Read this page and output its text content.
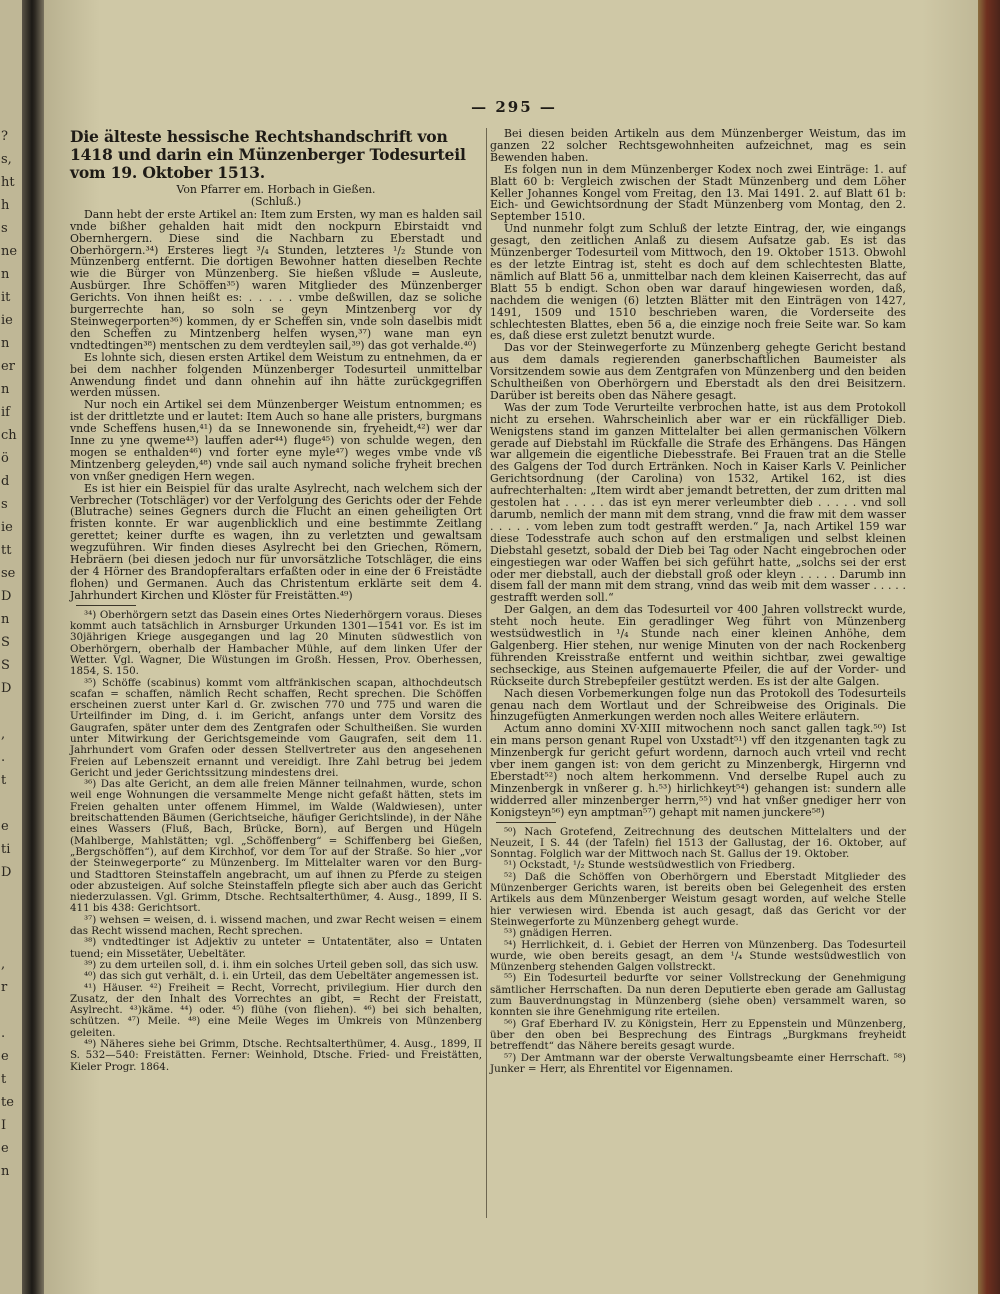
?
s,
ht
h
s
ne
n
it
ie
n
er
n
if
ch
ö
d
s
ie
tt
se
D
n
S
S
D
,
.
t
e
ti
D
,
r
.
e
t
te
I
e
n
— 295 —
Die älteste hessische Rechtshandschrift von 1418 und darin ein Münzenberger Todesurteil vom 19. Oktober 1513.
Von Pfarrer em. Horbach in Gießen.
(Schluß.)

Dann hebt der erste Artikel an: Item zum Ersten, wy man es halden sail vnde bißher gehalden hait midt den nockpurn Ebirstaidt vnd Obernhergern. Diese sind die Nachbarn zu Eberstadt und Oberhörgern.³⁴) Ersteres liegt ³/₄ Stunden, letzteres ¹/₂ Stunde von Münzenberg entfernt. Die dortigen Bewohner hatten dieselben Rechte wie die Bürger von Münzenberg. Sie hießen vßlude = Ausleute, Ausbürger. Ihre Schöffen³⁵) waren Mitglieder des Münzenberger Gerichts. Von ihnen heißt es: . . . . . vmbe deßwillen, daz se soliche burgerrechte han, so soln se geyn Mintzenberg vor dy Steinwegerporten³⁶) kommen, dy er Scheffen sin, vnde soln daselbis midt den Scheffen zu Mintzenberg helfen wysen,³⁷) wane man eyn vndtedtingen³⁸) mentschen zu dem verdteylen sail,³⁹) das got verhalde.⁴⁰)

Es lohnte sich, diesen ersten Artikel dem Weistum zu entnehmen, da er bei dem nachher folgenden Münzenberger Todesurteil unmittelbar Anwendung findet und dann ohnehin auf ihn hätte zurückgegriffen werden müssen.

Nur noch ein Artikel sei dem Münzenberger Weistum entnommen; es ist der drittletzte und er lautet: Item Auch so hane alle pristers, burgmans vnde Scheffens husen,⁴¹) da se Innewonende sin, fryeheidt,⁴²) wer dar Inne zu yne qweme⁴³) lauffen ader⁴⁴) fluge⁴⁵) von schulde wegen, den mogen se enthalden⁴⁶) vnd forter eyne myle⁴⁷) weges vmbe vnde vß Mintzenberg geleyden,⁴⁸) vnde sail auch nymand soliche fryheit brechen von vnßer gnedigen Hern wegen.

Es ist hier ein Beispiel für das uralte Asylrecht, nach welchem sich der Verbrecher (Totschläger) vor der Verfolgung des Gerichts oder der Fehde (Blutrache) seines Gegners durch die Flucht an einen geheiligten Ort fristen konnte. Er war augenblicklich und eine bestimmte Zeitlang gerettet; keiner durfte es wagen, ihn zu verletzten und gewaltsam wegzuführen. Wir finden dieses Asylrecht bei den Griechen, Römern, Hebräern (bei diesen jedoch nur für unvorsätzliche Totschläger, die eins der 4 Hörner des Brandopferaltars erfaßten oder in eine der 6 Freistädte flohen) und Germanen. Auch das Christentum erklärte seit dem 4. Jahrhundert Kirchen und Klöster für Freistätten.⁴⁹)

³⁴) Oberhörgern setzt das Dasein eines Ortes Niederhörgern voraus. Dieses kommt auch tatsächlich in Arnsburger Urkunden 1301—1541 vor. Es ist im 30jährigen Kriege ausgegangen und lag 20 Minuten südwestlich von Oberhörgern, oberhalb der Hambacher Mühle, auf dem linken Ufer der Wetter. Vgl. Wagner, Die Wüstungen im Großh. Hessen, Prov. Oberhessen, 1854, S. 150.
³⁵) Schöffe (scabinus) kommt vom altfränkischen scapan, althochdeutsch scafan = schaffen, nämlich Recht schaffen, Recht sprechen. Die Schöffen erscheinen zuerst unter Karl d. Gr. zwischen 770 und 775 und waren die Urteilfinder im Ding, d. i. im Gericht, anfangs unter dem Vorsitz des Gaugrafen, später unter dem des Zentgrafen oder Schultheißen. Sie wurden unter Mitwirkung der Gerichtsgemeinde vom Gaugrafen, seit dem 11. Jahrhundert vom Grafen oder dessen Stellvertreter aus den angesehenen Freien auf Lebenszeit ernannt und vereidigt. Ihre Zahl betrug bei jedem Gericht und jeder Gerichtssitzung mindestens drei.
³⁶) Das alte Gericht, an dem alle freien Männer teilnahmen, wurde, schon weil enge Wohnungen die versammelte Menge nicht gefaßt hätten, stets im Freien gehalten unter offenem Himmel, im Walde (Waldwiesen), unter breitschattenden Bäumen (Gerichtseiche, häufiger Gerichtslinde), in der Nähe eines Wassers (Fluß, Bach, Brücke, Born), auf Bergen und Hügeln (Mahlberge, Mahlstätten; vgl. „Schöffenberg“ = Schiffenberg bei Gießen, „Bergschöffen“), auf dem Kirchhof, vor dem Tor auf der Straße. So hier „vor der Steinwegerporte“ zu Münzenberg. Im Mittelalter waren vor den Burg- und Stadttoren Steinstaffeln angebracht, um auf ihnen zu Pferde zu steigen oder abzusteigen. Auf solche Steinstaffeln pflegte sich aber auch das Gericht niederzulassen. Vgl. Grimm, Dtsche. Rechtsalterthümer, 4. Ausg., 1899, II S. 411 bis 438: Gerichtsort.
³⁷) wehsen = weisen, d. i. wissend machen, und zwar Recht weisen = einem das Recht wissend machen, Recht sprechen.
³⁸) vndtedtinger ist Adjektiv zu unteter = Untatentäter, also = Untaten tuend; ein Missetäter, Uebeltäter.
³⁹) zu dem urteilen soll, d. i. ihm ein solches Urteil geben soll, das sich usw.
⁴⁰) das sich gut verhält, d. i. ein Urteil, das dem Uebeltäter angemessen ist.
⁴¹) Häuser. ⁴²) Freiheit = Recht, Vorrecht, privilegium. Hier durch den Zusatz, der den Inhalt des Vorrechtes an gibt, = Recht der Freistatt, Asylrecht. ⁴³)käme. ⁴⁴) oder. ⁴⁵) flühe (von fliehen). ⁴⁶) bei sich behalten, schützen. ⁴⁷) Meile. ⁴⁸) eine Meile Weges im Umkreis von Münzenberg geleiten.
⁴⁹) Näheres siehe bei Grimm, Dtsche. Rechtsalterthümer, 4. Ausg., 1899, II S. 532—540: Freistätten. Ferner: Weinhold, Dtsche. Fried- und Freistätten, Kieler Progr. 1864.

Bei diesen beiden Artikeln aus dem Münzenberger Weistum, das im ganzen 22 solcher Rechtsgewohnheiten aufzeichnet, mag es sein Bewenden haben.

Es folgen nun in dem Münzenberger Kodex noch zwei Einträge: 1. auf Blatt 60 b: Vergleich zwischen der Stadt Münzenberg und dem Löher Keller Johannes Kongel vom Freitag, den 13. Mai 1491. 2. auf Blatt 61 b: Eich- und Gewichtsordnung der Stadt Münzenberg vom Montag, den 2. September 1510.

Und nunmehr folgt zum Schluß der letzte Eintrag, der, wie eingangs gesagt, den zeitlichen Anlaß zu diesem Aufsatze gab. Es ist das Münzenberger Todesurteil vom Mittwoch, den 19. Oktober 1513. Obwohl es der letzte Eintrag ist, steht es doch auf dem schlechtesten Blatte, nämlich auf Blatt 56 a, unmittelbar nach dem kleinen Kaiserrecht, das auf Blatt 55 b endigt. Schon oben war darauf hingewiesen worden, daß, nachdem die wenigen (6) letzten Blätter mit den Einträgen von 1427, 1491, 1509 und 1510 beschrieben waren, die Vorderseite des schlechtesten Blattes, eben 56 a, die einzige noch freie Seite war. So kam es, daß diese erst zuletzt benutzt wurde.

Das vor der Steinwegerforte zu Münzenberg gehegte Gericht bestand aus dem damals regierenden ganerbschaftlichen Baumeister als Vorsitzendem sowie aus dem Zentgrafen von Münzenberg und den beiden Schultheißen von Oberhörgern und Eberstadt als den drei Beisitzern. Darüber ist bereits oben das Nähere gesagt.

Was der zum Tode Verurteilte verbrochen hatte, ist aus dem Protokoll nicht zu ersehen. Wahrscheinlich aber war er ein rückfälliger Dieb. Wenigstens stand im ganzen Mittelalter bei allen germanischen Völkern gerade auf Diebstahl im Rückfalle die Strafe des Erhängens. Das Hängen war allgemein die eigentliche Diebesstrafe. Bei Frauen trat an die Stelle des Galgens der Tod durch Ertränken. Noch in Kaiser Karls V. Peinlicher Gerichtsordnung (der Carolina) von 1532, Artikel 162, ist dies aufrechterhalten: „Item wirdt aber jemandt betretten, der zum dritten mal gestolen hat . . . . . das ist eyn merer verleumbter dieb . . . . . vnd soll darumb, nemlich der mann mit dem strang, vnnd die fraw mit dem wasser . . . . . vom leben zum todt gestrafft werden.“ Ja, nach Artikel 159 war diese Todesstrafe auch schon auf den erstmaligen und selbst kleinen Diebstahl gesetzt, sobald der Dieb bei Tag oder Nacht eingebrochen oder eingestiegen war oder Waffen bei sich geführt hatte, „solchs sei der erst oder mer diebstall, auch der diebstall groß oder kleyn . . . . . Darumb inn disem fall der mann mit dem strang, vnnd das weib mit dem wasser . . . . . gestrafft werden soll.“

Der Galgen, an dem das Todesurteil vor 400 Jahren vollstreckt wurde, steht noch heute. Ein geradlinger Weg führt von Münzenberg westsüdwestlich in ¹/₄ Stunde nach einer kleinen Anhöhe, dem Galgenberg. Hier stehen, nur wenige Minuten von der nach Rockenberg führenden Kreisstraße entfernt und weithin sichtbar, zwei gewaltige sechseckige, aus Steinen aufgemauerte Pfeiler, die auf der Vorder- und Rückseite durch Strebepfeiler gestützt werden. Es ist der alte Galgen.

Nach diesen Vorbemerkungen folge nun das Protokoll des Todesurteils genau nach dem Wortlaut und der Schreibweise des Originals. Die hinzugefügten Anmerkungen werden noch alles Weitere erläutern.

Actum anno domini XV·XIII mitwochenn noch sanct gallen tagk.⁵⁰) Ist ein mans person genant Rupel von Uxstadt⁵¹) vff den itzgenanten tagk zu Minzenbergk fur gericht gefurt wordenn, darnoch auch vrteil vnd recht vber inem gangen ist: von dem gericht zu Minzenbergk, Hirgernn vnd Eberstadt⁵²) noch altem herkommenn. Vnd derselbe Rupel auch zu Minzenbergk in vnßerer g. h.⁵³) hirlichkeyt⁵⁴) gehangen ist: sundern alle widderred aller minzenberger herrn,⁵⁵) vnd hat vnßer gnediger herr von Konigsteyn⁵⁶) eyn amptman⁵⁷) gehapt mit namen junckere⁵⁸)

⁵⁰) Nach Grotefend, Zeitrechnung des deutschen Mittelalters und der Neuzeit, I S. 44 (der Tafeln) fiel 1513 der Gallustag, der 16. Oktober, auf Sonntag. Folglich war der Mittwoch nach St. Gallus der 19. Oktober.
⁵¹) Ockstadt, ¹/₂ Stunde westsüdwestlich von Friedberg.
⁵²) Daß die Schöffen von Oberhörgern und Eberstadt Mitglieder des Münzenberger Gerichts waren, ist bereits oben bei Gelegenheit des ersten Artikels aus dem Münzenberger Weistum gesagt worden, auf welche Stelle hier verwiesen wird. Ebenda ist auch gesagt, daß das Gericht vor der Steinwegerforte zu Münzenberg gehegt wurde.
⁵³) gnädigen Herren.
⁵⁴) Herrlichkeit, d. i. Gebiet der Herren von Münzenberg. Das Todesurteil wurde, wie oben bereits gesagt, an dem ¹/₄ Stunde westsüdwestlich von Münzenberg stehenden Galgen vollstreckt.
⁵⁵) Ein Todesurteil bedurfte vor seiner Vollstreckung der Genehmigung sämtlicher Herrschaften. Da nun deren Deputierte eben gerade am Gallustag zum Bauverdnungstag in Münzenberg (siehe oben) versammelt waren, so konnten sie ihre Genehmigung rite erteilen.
⁵⁶) Graf Eberhard IV. zu Königstein, Herr zu Eppenstein und Münzenberg, über den oben bei Besprechung des Eintrags „Burgkmans freyheidt betreffendt“ das Nähere bereits gesagt wurde.
⁵⁷) Der Amtmann war der oberste Verwaltungsbeamte einer Herrschaft. ⁵⁸) Junker = Herr, als Ehrentitel vor Eigennamen.
